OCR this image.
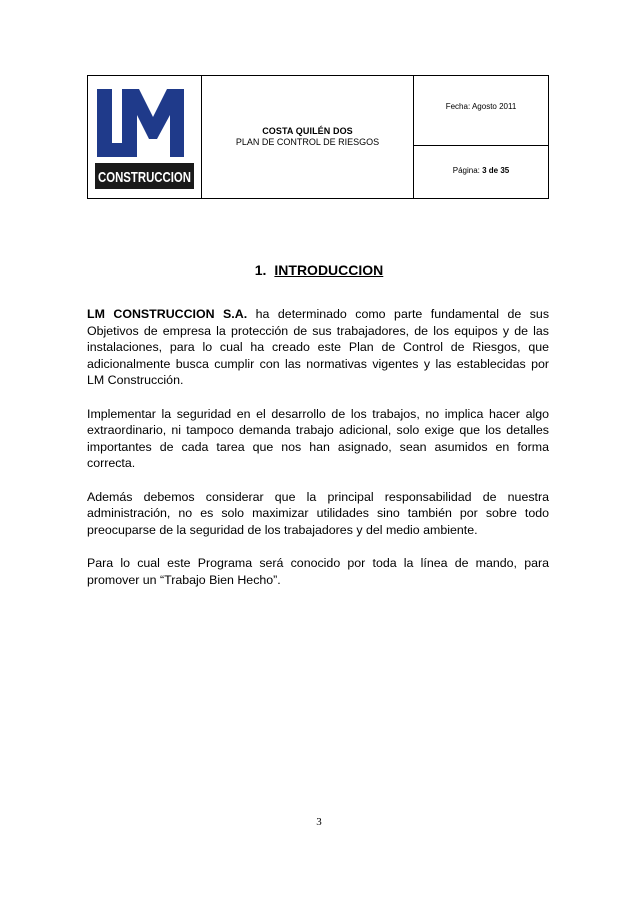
CONSTRUCCION
COSTA QUILÉN DOS
PLAN DE CONTROL DE RIESGOS
Fecha: Agosto 2011
Página: 3 de 35
1. INTRODUCCION

LM CONSTRUCCION S.A. ha determinado como parte fundamental de sus Objetivos de empresa la protección de sus trabajadores, de los equipos y de las instalaciones, para lo cual ha creado este Plan de Control de Riesgos, que adicionalmente busca cumplir con las normativas vigentes y las establecidas por LM Construcción.

Implementar la seguridad en el desarrollo de los trabajos, no implica hacer algo extraordinario, ni tampoco demanda trabajo adicional, solo exige que los detalles importantes de cada tarea que nos han asignado, sean asumidos en forma correcta.

Además debemos considerar que la principal responsabilidad de nuestra administración, no es solo maximizar utilidades sino también por sobre todo preocuparse de la seguridad de los trabajadores y del medio ambiente.

Para lo cual este Programa será conocido por toda la línea de mando, para promover un “Trabajo Bien Hecho”.

3
